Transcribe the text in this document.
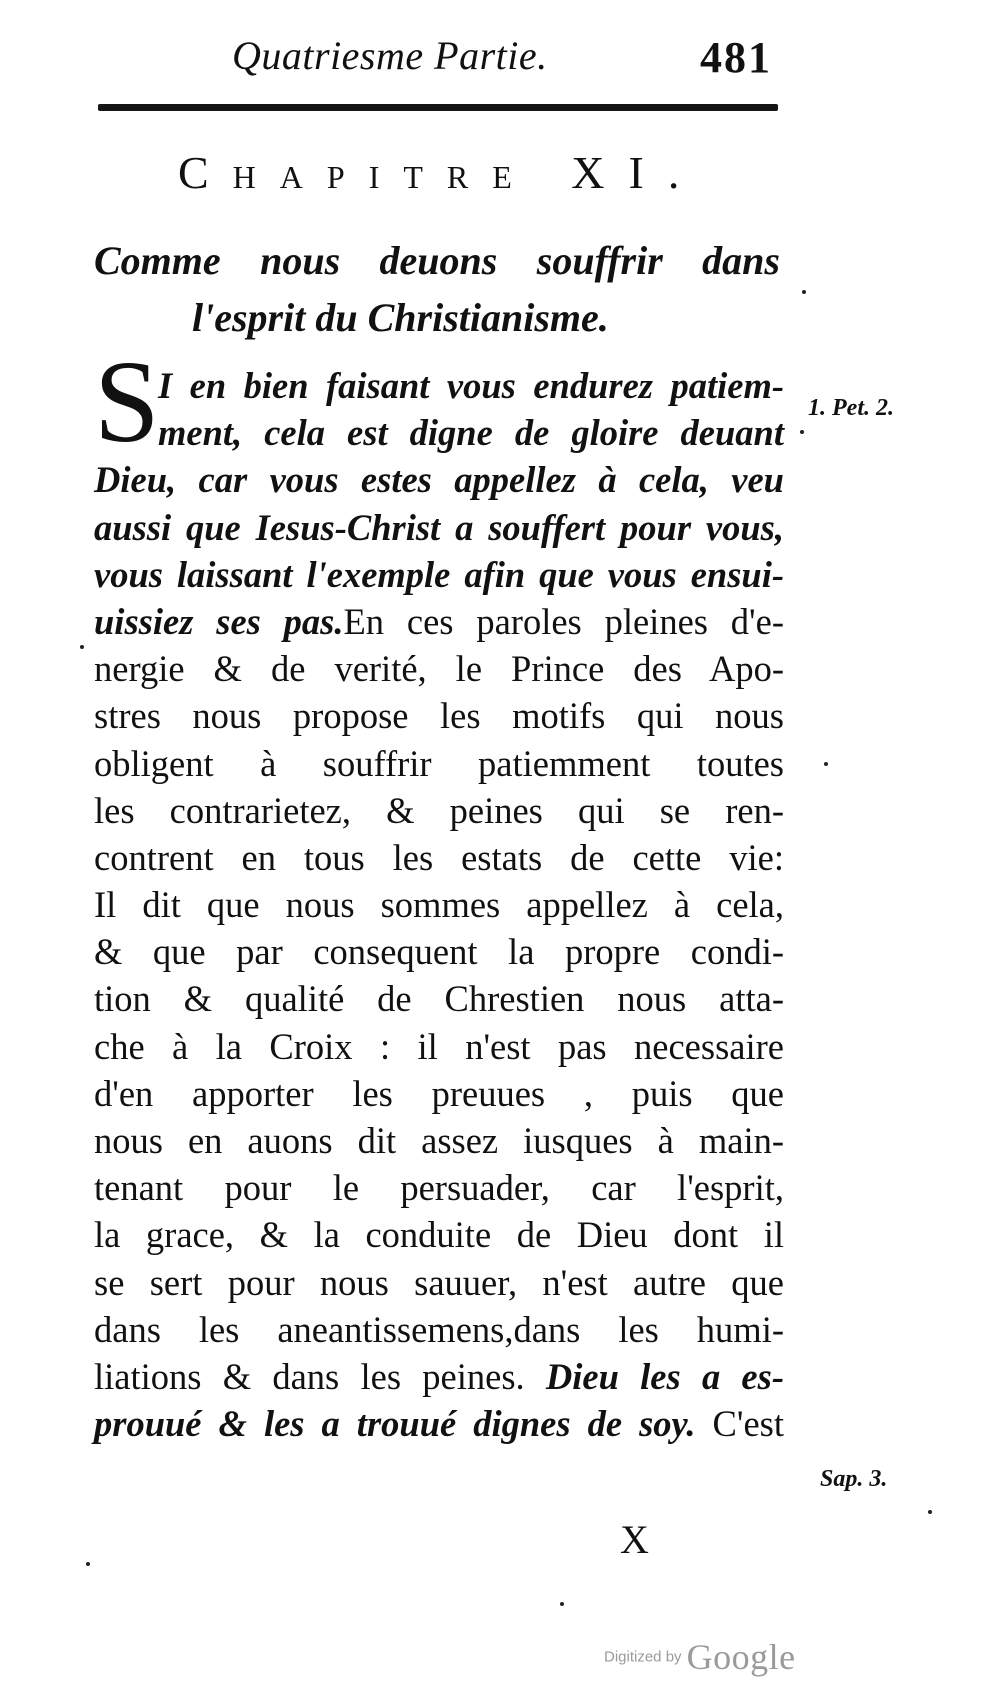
Quatriesme Partie.	481
Chapitre XI.
Comme nous deuons souffrir dans
l'esprit du Christianisme.
S
I en bien faisant vous endurez patiem-
ment, cela est digne de gloire deuant
Dieu, car vous estes appellez à cela, veu
aussi que Iesus-Christ a souffert pour vous,
vous laissant l'exemple afin que vous ensui-
uissiez ses pas.En ces paroles pleines d'e-
nergie & de verité, le Prince des Apo-
stres nous propose les motifs qui nous
obligent à souffrir patiemment toutes
les contrarietez, & peines qui se ren-
contrent en tous les estats de cette vie:
Il dit que nous sommes appellez à cela,
& que par consequent la propre condi-
tion & qualité de Chrestien nous atta-
che à la Croix : il n'est pas necessaire
d'en apporter les preuues , puis que
nous en auons dit assez iusques à main-
tenant pour le persuader, car l'esprit,
la grace, & la conduite de Dieu dont il
se sert pour nous sauuer, n'est autre que
dans les aneantissemens,dans les humi-
liations & dans les peines. Dieu les a es-
prouué & les a trouué dignes de soy. C'est
1. Pet. 2.
Sap. 3.
X
Digitized by Google
